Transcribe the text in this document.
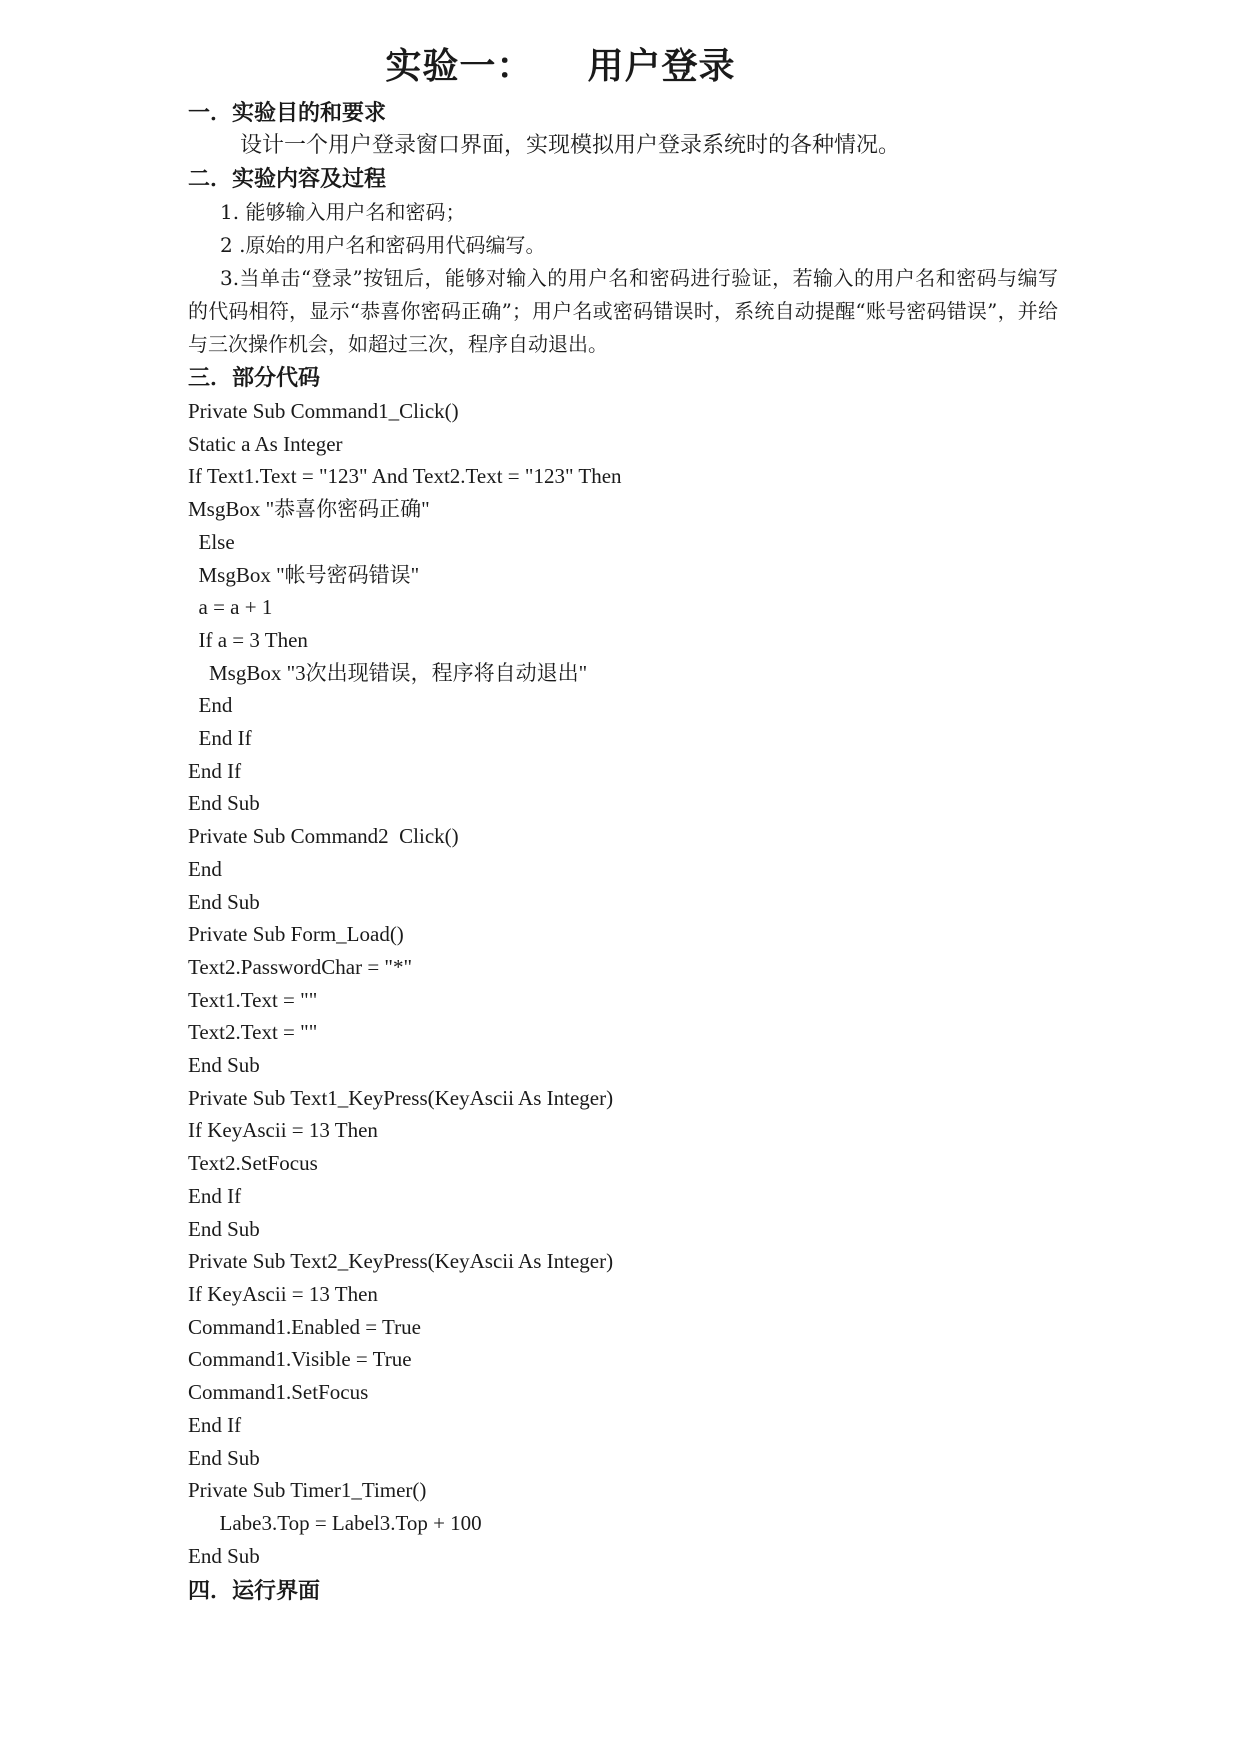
实验一：    用户登录

一．实验目的和要求

设计一个用户登录窗口界面，实现模拟用户登录系统时的各种情况。

二．实验内容及过程

1. 能够输入用户名和密码；

2 .原始的用户名和密码用代码编写。

3.当单击“登录”按钮后，能够对输入的用户名和密码进行验证，若输入的用户名和密码与编写的代码相符，显示“恭喜你密码正确”；用户名或密码错误时，系统自动提醒“账号密码错误”，并给与三次操作机会，如超过三次，程序自动退出。

三．部分代码

Private Sub Command1_Click()
Static a As Integer
If Text1.Text = "123" And Text2.Text = "123" Then
MsgBox "恭喜你密码正确"
Else
MsgBox "帐号密码错误"
a = a + 1
If a = 3 Then
MsgBox "3次出现错误，程序将自动退出"
End
End If
End If
End Sub
Private Sub Command2  Click()
End
End Sub
Private Sub Form_Load()
Text2.PasswordChar = "*"
Text1.Text = ""
Text2.Text = ""
End Sub
Private Sub Text1_KeyPress(KeyAscii As Integer)
If KeyAscii = 13 Then
Text2.SetFocus
End If
End Sub
Private Sub Text2_KeyPress(KeyAscii As Integer)
If KeyAscii = 13 Then
Command1.Enabled = True
Command1.Visible = True
Command1.SetFocus
End If
End Sub
Private Sub Timer1_Timer()
Labe3.Top = Label3.Top + 100
End Sub

四．运行界面
